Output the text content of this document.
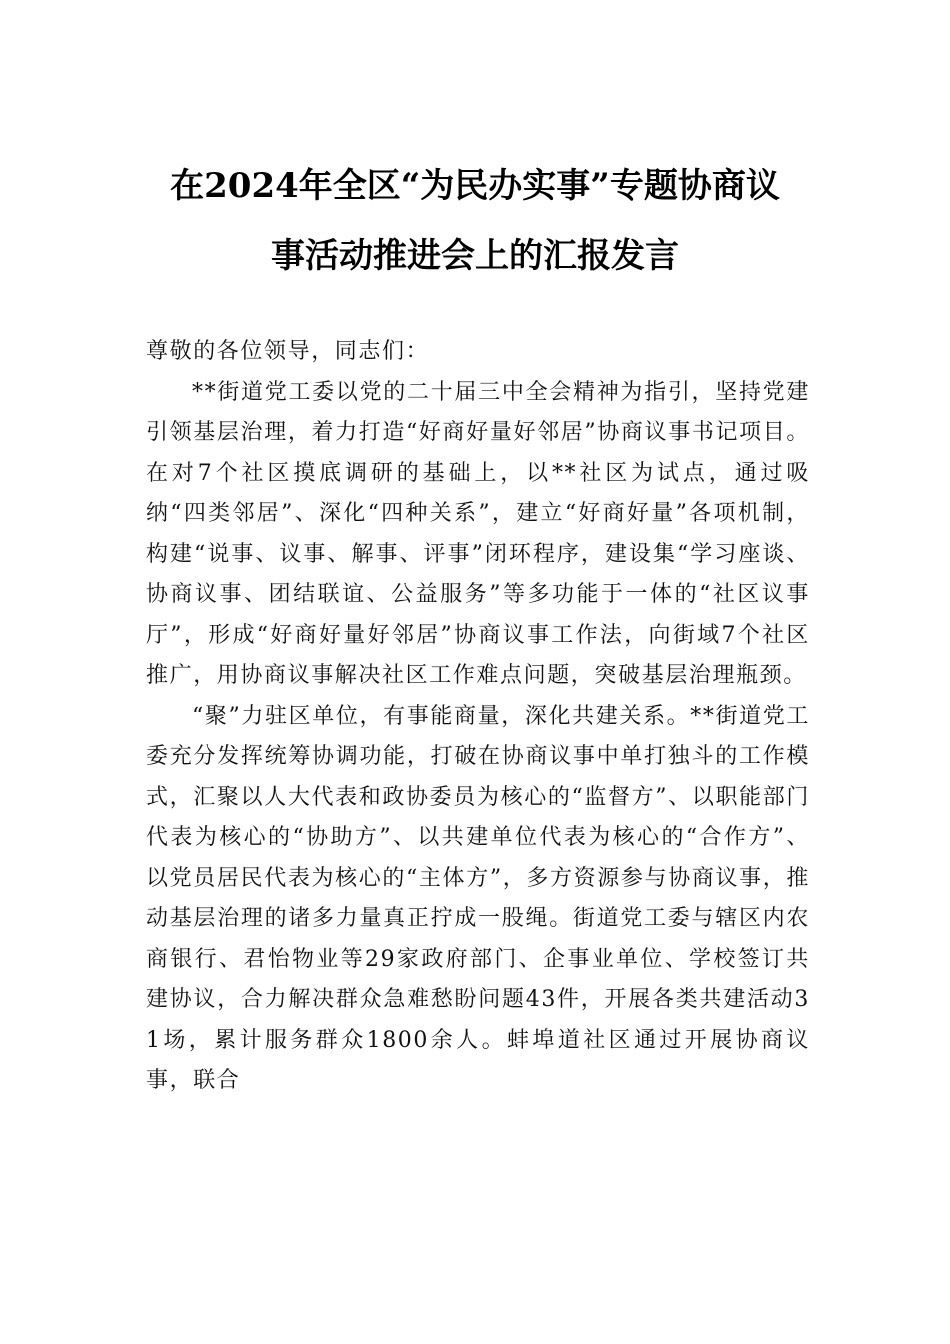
在2024年全区“为民办实事”专题协商议
事活动推进会上的汇报发言

尊敬的各位领导，同志们：

**街道党工委以党的二十届三中全会精神为指引，坚持党建引领基层治理，着力打造“好商好量好邻居”协商议事书记项目。在对7个社区摸底调研的基础上，以**社区为试点，通过吸纳“四类邻居”、深化“四种关系”，建立“好商好量”各项机制，构建“说事、议事、解事、评事”闭环程序，建设集“学习座谈、协商议事、团结联谊、公益服务”等多功能于一体的“社区议事厅”，形成“好商好量好邻居”协商议事工作法，向街域7个社区推广，用协商议事解决社区工作难点问题，突破基层治理瓶颈。

“聚”力驻区单位，有事能商量，深化共建关系。**街道党工委充分发挥统筹协调功能，打破在协商议事中单打独斗的工作模式，汇聚以人大代表和政协委员为核心的“监督方”、以职能部门代表为核心的“协助方”、以共建单位代表为核心的“合作方”、以党员居民代表为核心的“主体方”，多方资源参与协商议事，推动基层治理的诸多力量真正拧成一股绳。街道党工委与辖区内农商银行、君怡物业等29家政府部门、企事业单位、学校签订共建协议，合力解决群众急难愁盼问题43件，开展各类共建活动31场，累计服务群众1800余人。蚌埠道社区通过开展协商议事，联合
